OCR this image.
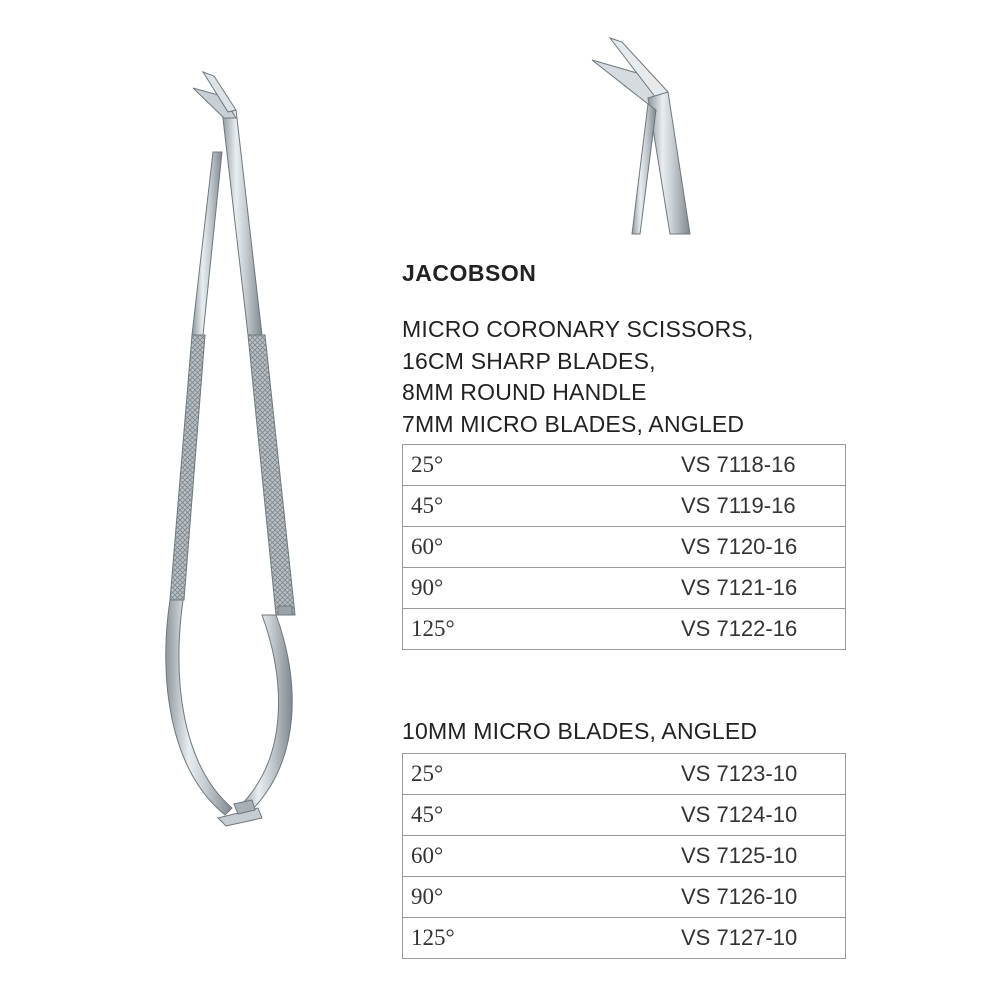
JACOBSON
MICRO CORONARY SCISSORS,
16CM SHARP BLADES,
8MM ROUND HANDLE
7MM MICRO BLADES, ANGLED
25°	VS 7118-16
45°	VS 7119-16
60°	VS 7120-16
90°	VS 7121-16
125°	VS 7122-16
10MM MICRO BLADES, ANGLED
25°	VS 7123-10
45°	VS 7124-10
60°	VS 7125-10
90°	VS 7126-10
125°	VS 7127-10
